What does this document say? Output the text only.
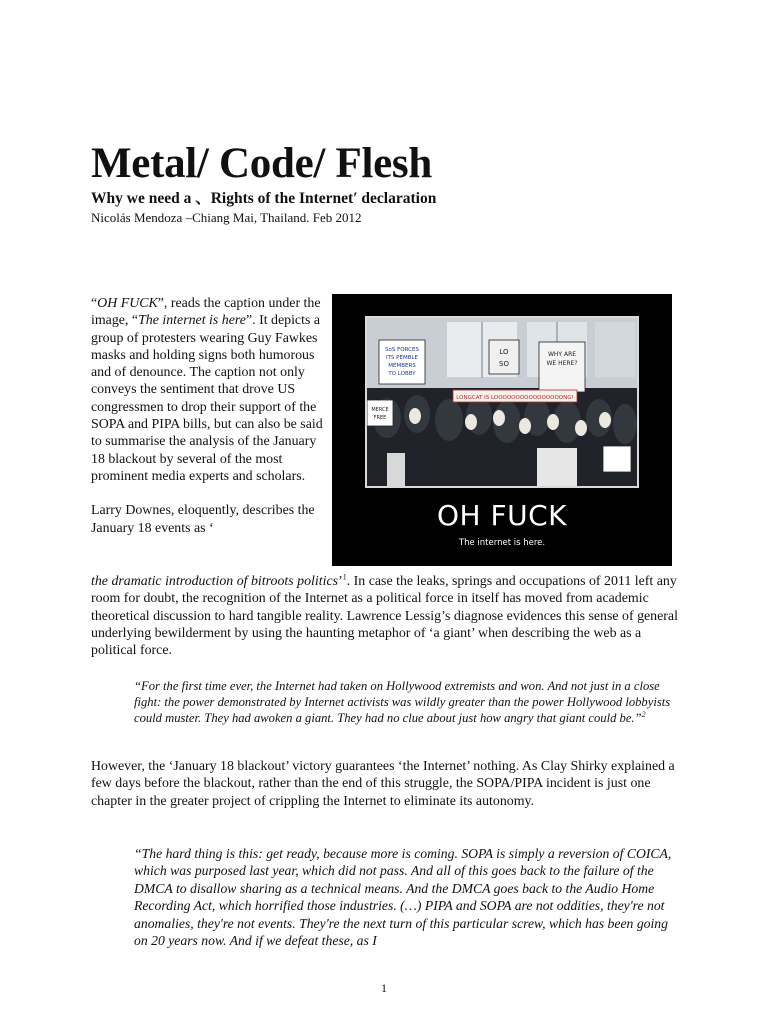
Metal/ Code/ Flesh

Why we need a 、Rights of the Internet′ declaration

Nicolás Mendoza –Chiang Mai, Thailand. Feb 2012

“OH FUCK”, reads the caption under the image, “The internet is here”. It depicts a group of protesters wearing Guy Fawkes masks and holding signs both humorous and of denounce. The caption not only conveys the sentiment that drove US congressmen to drop their support of the SOPA and PIPA bills, but can also be said to summarise the analysis of the January 18 blackout by several of the most prominent media experts and scholars.

Larry Downes, eloquently, describes the January 18 events as ‘

the dramatic introduction of bitroots politics’$^1$. In case the leaks, springs and occupations of 2011 left any room for doubt, the recognition of the Internet as a political force in itself has moved from academic theoretical discussion to hard tangible reality. Lawrence Lessig’s diagnose evidences this sense of general underlying bewilderment by using the haunting metaphor of ‘a giant’ when describing the web as a political force.

“For the first time ever, the Internet had taken on Hollywood extremists and won. And not just in a close fight: the power demonstrated by Internet activists was wildly greater than the power Hollywood lobbyists could muster. They had awoken a giant. They had no clue about just how angry that giant could be.”$^2$

However, the ‘January 18 blackout’ victory guarantees ‘the Internet’ nothing. As Clay Shirky explained a few days before the blackout, rather than the end of this struggle, the SOPA/PIPA incident is just one chapter in the greater project of crippling the Internet to eliminate its autonomy.

“The hard thing is this: get ready, because more is coming. SOPA is simply a reversion of COICA, which was purposed last year, which did not pass. And all of this goes back to the failure of the DMCA to disallow sharing as a technical means. And the DMCA goes back to the Audio Home Recording Act, which horrified those industries. (…) PIPA and SOPA are not oddities, they're not anomalies, they're not events. They're the next turn of this particular screw, which has been going on 20 years now. And if we defeat these, as I

SoS FORCES
ITS PEMBLE
MEMBERS
TO LOBBY
WHY ARE
WE HERE?
LO
SO
LONGCAT IS LOOOOOOOOOOOOOOOONG!
MERCE
FREE

OH FUCK

The internet is here.

1
